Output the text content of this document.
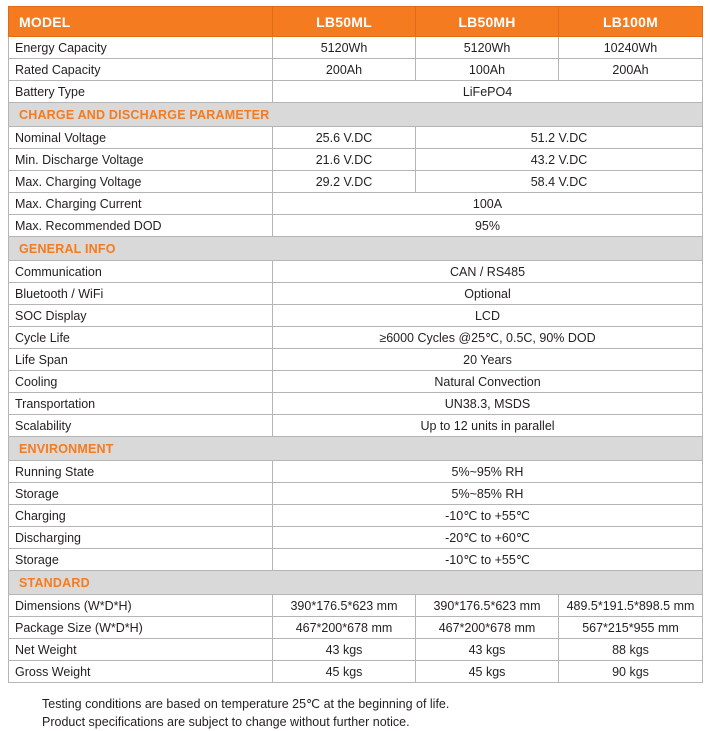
MODEL	LB50ML	LB50MH	LB100M
Energy Capacity	5120Wh	5120Wh	10240Wh
Rated Capacity	200Ah	100Ah	200Ah
Battery Type	LiFePO4		
CHARGE AND DISCHARGE PARAMETER			
Nominal Voltage	25.6 V.DC	51.2 V.DC	
Min. Discharge Voltage	21.6 V.DC	43.2 V.DC	
Max. Charging Voltage	29.2 V.DC	58.4 V.DC	
Max. Charging Current	100A		
Max. Recommended DOD	95%		
GENERAL INFO			
Communication	CAN / RS485		
Bluetooth / WiFi	Optional		
SOC Display	LCD		
Cycle Life	≥6000 Cycles @25℃, 0.5C, 90% DOD		
Life Span	20 Years		
Cooling	Natural Convection		
Transportation	UN38.3, MSDS		
Scalability	Up to 12 units in parallel		
ENVIRONMENT			
Running State	5%~95% RH		
Storage	5%~85% RH		
Charging	-10℃ to +55℃		
Discharging	-20℃ to +60℃		
Storage	-10℃ to +55℃		
STANDARD			
Dimensions (W*D*H)	390*176.5*623 mm	390*176.5*623 mm	489.5*191.5*898.5 mm
Package Size (W*D*H)	467*200*678 mm	467*200*678 mm	567*215*955 mm
Net Weight	43 kgs	43 kgs	88 kgs
Gross Weight	45 kgs	45 kgs	90 kgs
Testing conditions are based on temperature 25℃ at the beginning of life.
Product specifications are subject to change without further notice.
